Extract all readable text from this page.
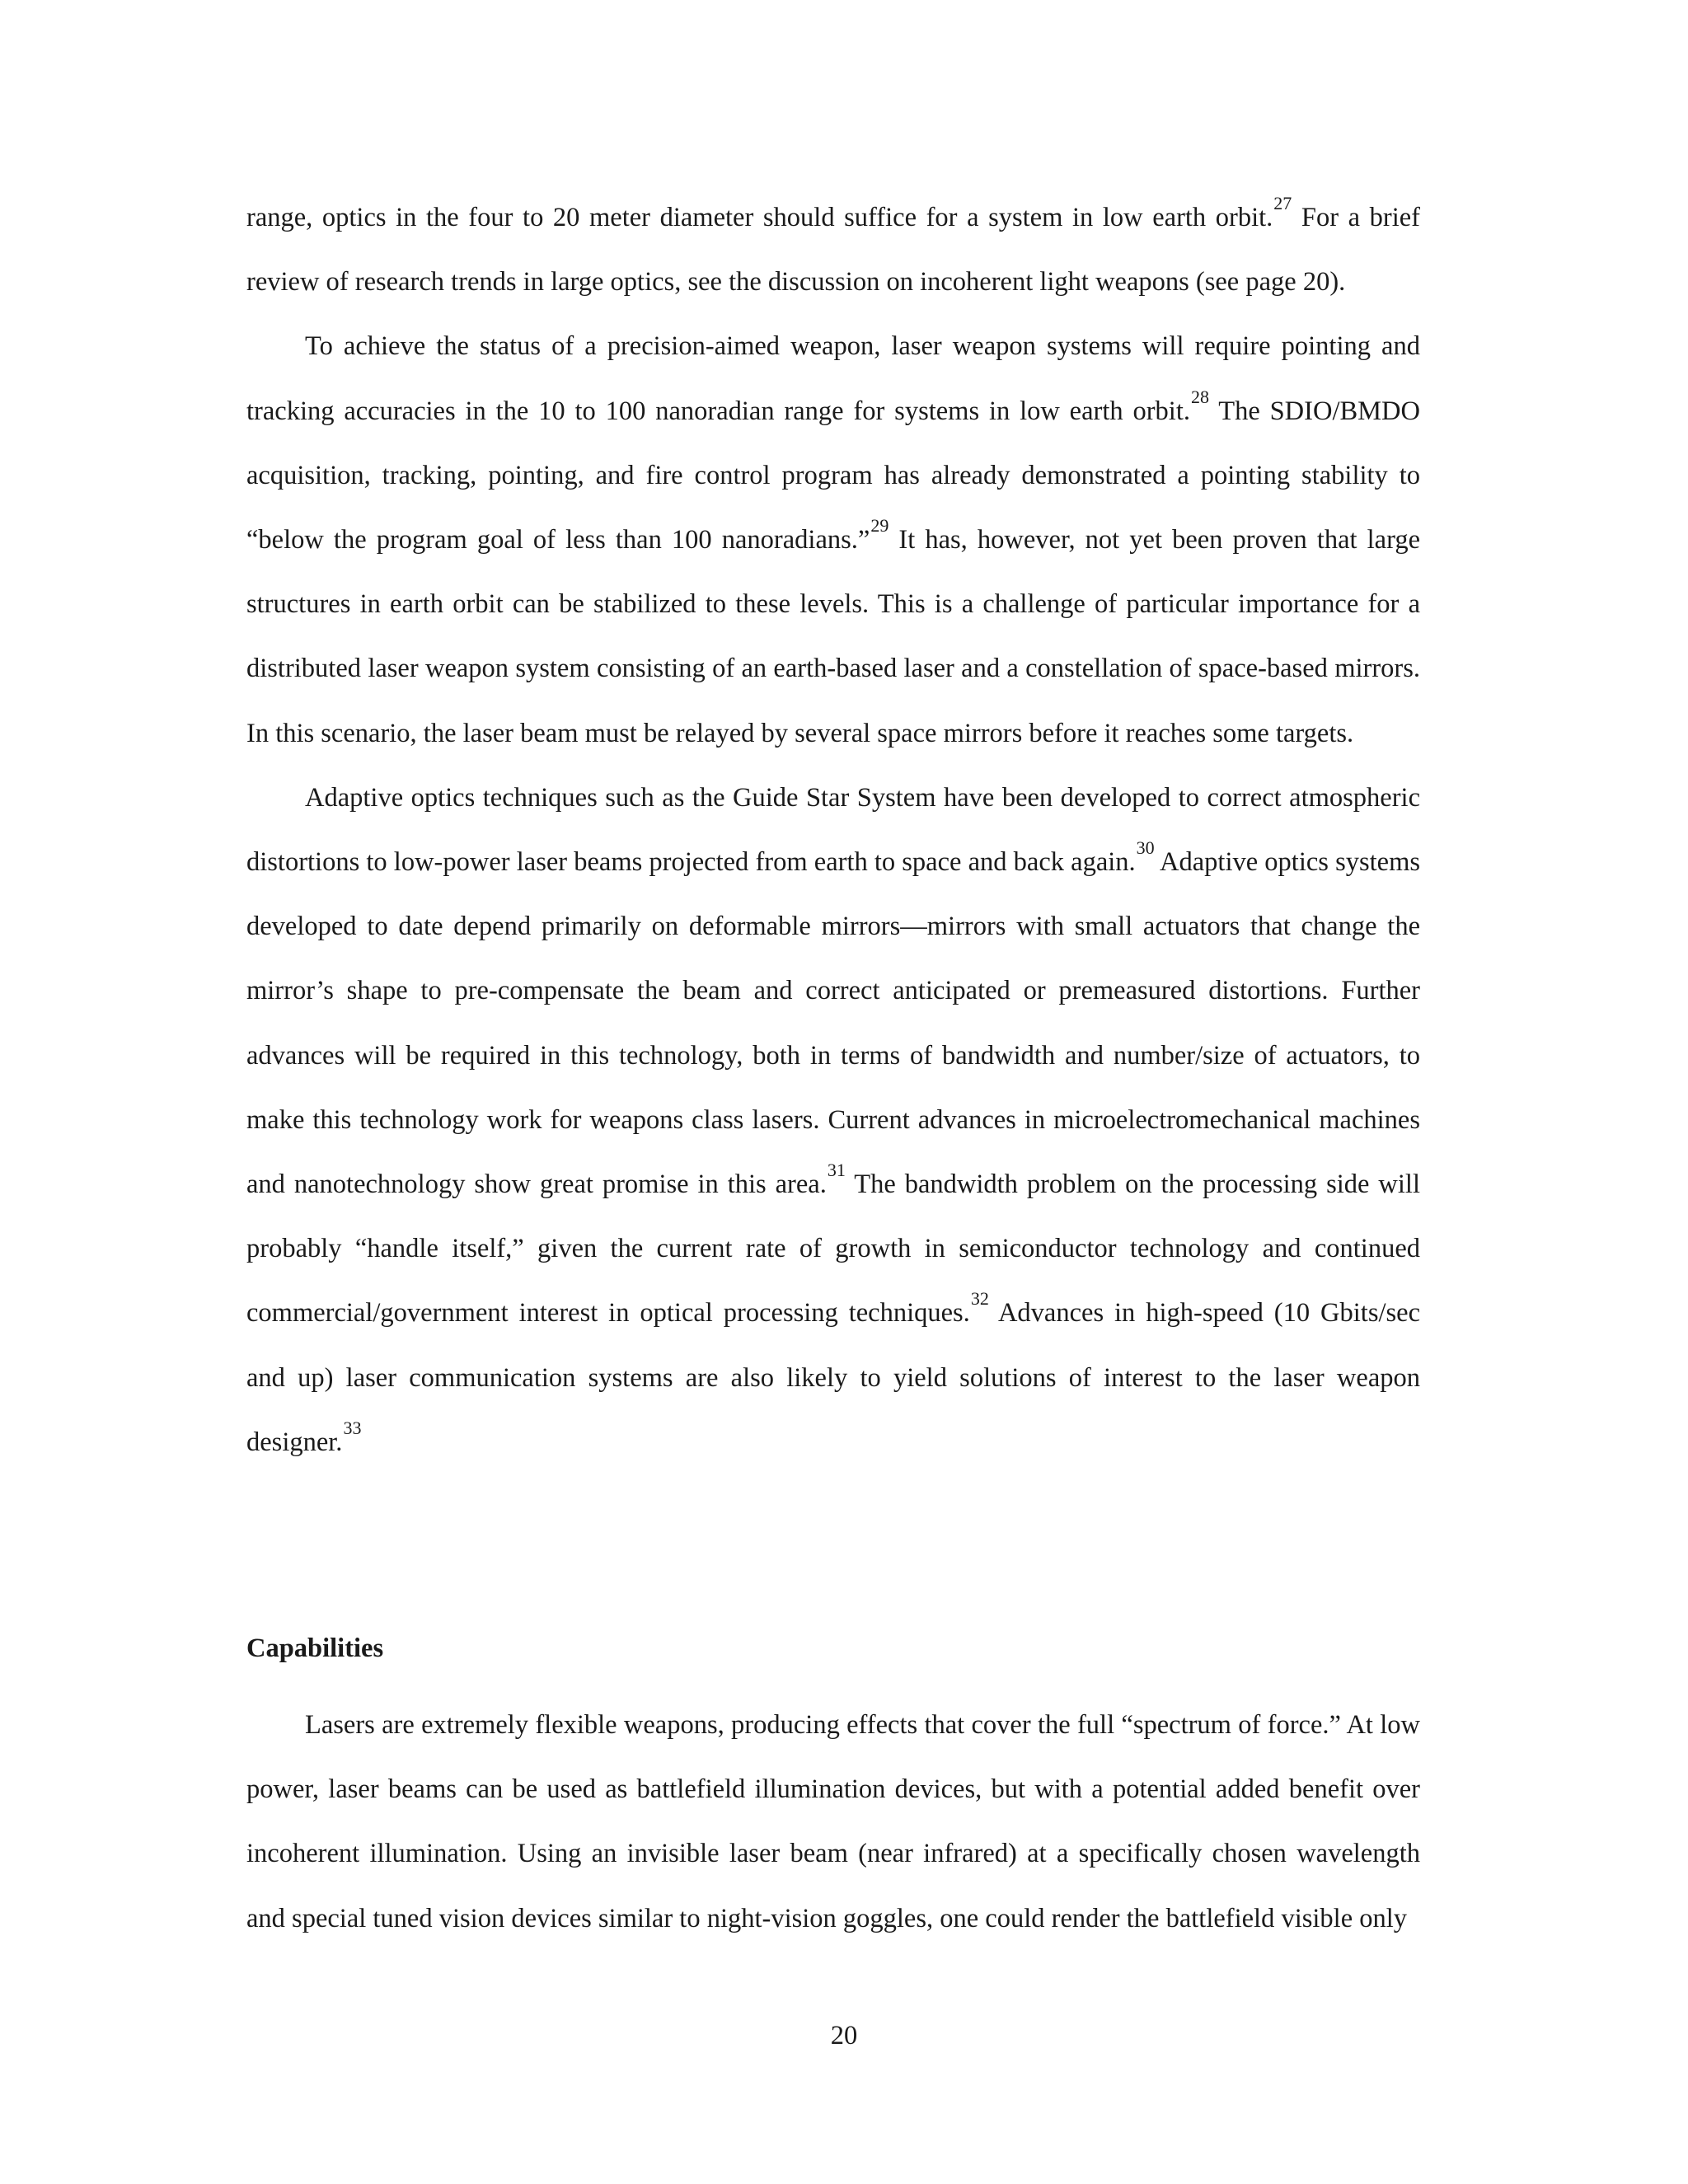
range, optics in the four to 20 meter diameter should suffice for a system in low earth orbit.$^{27}$ For a brief review of research trends in large optics, see the discussion on incoherent light weapons (see page 20).

To achieve the status of a precision-aimed weapon, laser weapon systems will require pointing and tracking accuracies in the 10 to 100 nanoradian range for systems in low earth orbit.$^{28}$ The SDIO/BMDO acquisition, tracking, pointing, and fire control program has already demonstrated a pointing stability to “below the program goal of less than 100 nanoradians.”$^{29}$ It has, however, not yet been proven that large structures in earth orbit can be stabilized to these levels. This is a challenge of particular importance for a distributed laser weapon system consisting of an earth-based laser and a constellation of space-based mirrors. In this scenario, the laser beam must be relayed by several space mirrors before it reaches some targets.

Adaptive optics techniques such as the Guide Star System have been developed to correct atmospheric distortions to low-power laser beams projected from earth to space and back again.$^{30}$ Adaptive optics systems developed to date depend primarily on deformable mirrors—mirrors with small actuators that change the mirror’s shape to pre-compensate the beam and correct anticipated or premeasured distortions. Further advances will be required in this technology, both in terms of bandwidth and number/size of actuators, to make this technology work for weapons class lasers. Current advances in microelectromechanical machines and nanotechnology show great promise in this area.$^{31}$ The bandwidth problem on the processing side will probably “handle itself,” given the current rate of growth in semiconductor technology and continued commercial/government interest in optical processing techniques.$^{32}$ Advances in high-speed (10 Gbits/sec and up) laser communication systems are also likely to yield solutions of interest to the laser weapon designer.$^{33}$

Capabilities

Lasers are extremely flexible weapons, producing effects that cover the full “spectrum of force.” At low power, laser beams can be used as battlefield illumination devices, but with a potential added benefit over incoherent illumination. Using an invisible laser beam (near infrared) at a specifically chosen wavelength and special tuned vision devices similar to night-vision goggles, one could render the battlefield visible only

20
